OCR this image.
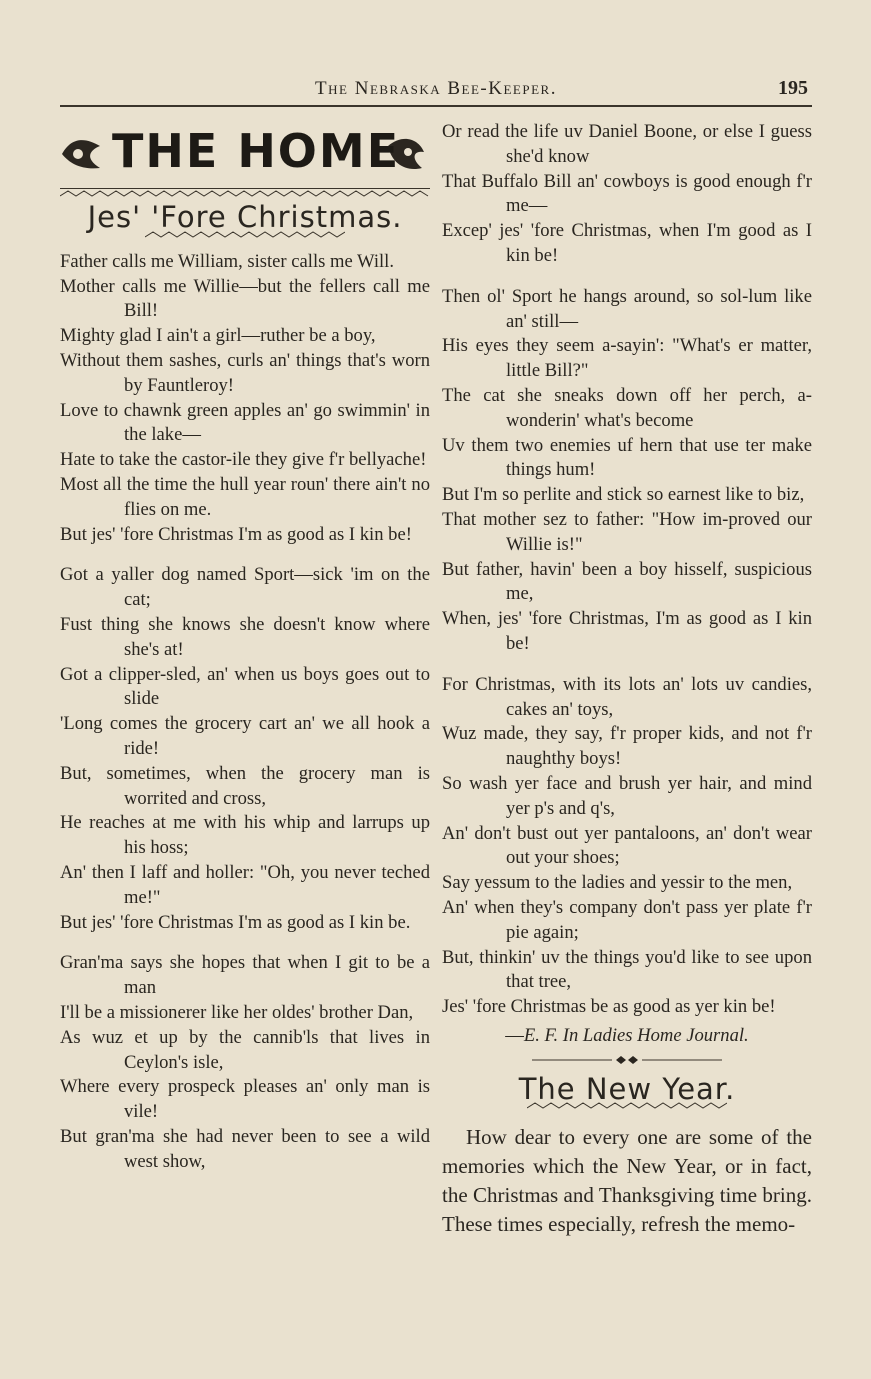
The Nebraska Bee-Keeper.	195
THE HOME
Jes' 'Fore Christmas.
Father calls me William, sister calls me Will.
Mother calls me Willie—but the fellers call me Bill!
Mighty glad I ain't a girl—ruther be a boy,
Without them sashes, curls an' things that's worn by Fauntleroy!
Love to chawnk green apples an' go swimmin' in the lake—
Hate to take the castor-ile they give f'r bellyache!
Most all the time the hull year roun' there ain't no flies on me.
But jes' 'fore Christmas I'm as good as I kin be!
Got a yaller dog named Sport—sick 'im on the cat;
Fust thing she knows she doesn't know where she's at!
Got a clipper-sled, an' when us boys goes out to slide
'Long comes the grocery cart an' we all hook a ride!
But, sometimes, when the grocery man is worrited and cross,
He reaches at me with his whip and larrups up his hoss;
An' then I laff and holler: "Oh, you never teched me!"
But jes' 'fore Christmas I'm as good as I kin be.
Gran'ma says she hopes that when I git to be a man
I'll be a missionerer like her oldes' brother Dan,
As wuz et up by the cannib'ls that lives in Ceylon's isle,
Where every prospeck pleases an' only man is vile!
But gran'ma she had never been to see a wild west show,
Or read the life uv Daniel Boone, or else I guess she'd know
That Buffalo Bill an' cowboys is good enough f'r me—
Excep' jes' 'fore Christmas, when I'm good as I kin be!
Then ol' Sport he hangs around, so sol-lum like an' still—
His eyes they seem a-sayin': "What's er matter, little Bill?"
The cat she sneaks down off her perch, a-wonderin' what's become
Uv them two enemies uf hern that use ter make things hum!
But I'm so perlite and stick so earnest like to biz,
That mother sez to father: "How im-proved our Willie is!"
But father, havin' been a boy hisself, suspicious me,
When, jes' 'fore Christmas, I'm as good as I kin be!
For Christmas, with its lots an' lots uv candies, cakes an' toys,
Wuz made, they say, f'r proper kids, and not f'r naughthy boys!
So wash yer face and brush yer hair, and mind yer p's and q's,
An' don't bust out yer pantaloons, an' don't wear out your shoes;
Say yessum to the ladies and yessir to the men,
An' when they's company don't pass yer plate f'r pie again;
But, thinkin' uv the things you'd like to see upon that tree,
Jes' 'fore Christmas be as good as yer kin be!
—E. F. In Ladies Home Journal.
The New Year.
How dear to every one are some of the memories which the New Year, or in fact, the Christmas and Thanksgiving time bring. These times especially, refresh the memo-
